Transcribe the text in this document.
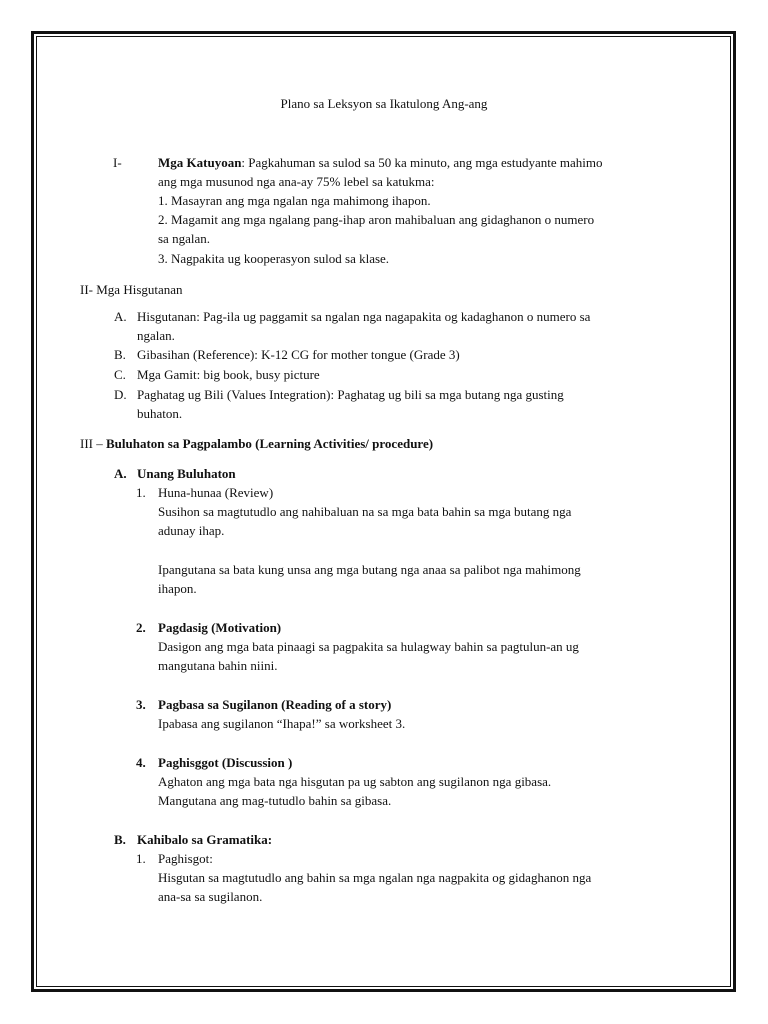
Plano sa Leksyon sa Ikatulong Ang-ang
I-	Mga Katuyoan: Pagkahuman sa sulod sa 50 ka minuto, ang mga estudyante mahimo
ang mga musunod nga ana-ay 75% lebel sa katukma:
1. Masayran ang mga ngalan nga mahimong ihapon.
2. Magamit ang mga ngalang pang-ihap aron mahibaluan ang gidaghanon o numero
sa ngalan.
3. Nagpakita ug kooperasyon sulod sa klase.
II- Mga Hisgutanan
A. Hisgutanan: Pag-ila ug paggamit sa ngalan nga nagapakita og kadaghanon o numero sa
ngalan.
B. Gibasihan (Reference): K-12 CG for mother tongue (Grade 3)
C. Mga Gamit: big book, busy picture
D. Paghatag ug Bili (Values Integration): Paghatag ug bili sa mga butang nga gusting
buhaton.
III – Buluhaton sa Pagpalambo (Learning Activities/ procedure)
A. Unang Buluhaton
1. Huna-hunaa (Review)
Susihon sa magtutudlo ang nahibaluan na sa mga bata bahin sa mga butang nga
adunay ihap.
Ipangutana sa bata kung unsa ang mga butang nga anaa sa palibot nga mahimong
ihapon.
2. Pagdasig (Motivation)
Dasigon ang mga bata pinaagi sa pagpakita sa hulagway bahin sa pagtulun-an ug
mangutana bahin niini.
3. Pagbasa sa Sugilanon (Reading of a story)
Ipabasa ang sugilanon “Ihapa!” sa worksheet 3.
4. Paghisggot (Discussion )
Aghaton ang mga bata nga hisgutan pa ug sabton ang sugilanon nga gibasa.
Mangutana ang mag-tutudlo bahin sa gibasa.
B. Kahibalo sa Gramatika:
1. Paghisgot:
Hisgutan sa magtutudlo ang bahin sa mga ngalan nga nagpakita og gidaghanon nga
ana-sa sa sugilanon.
